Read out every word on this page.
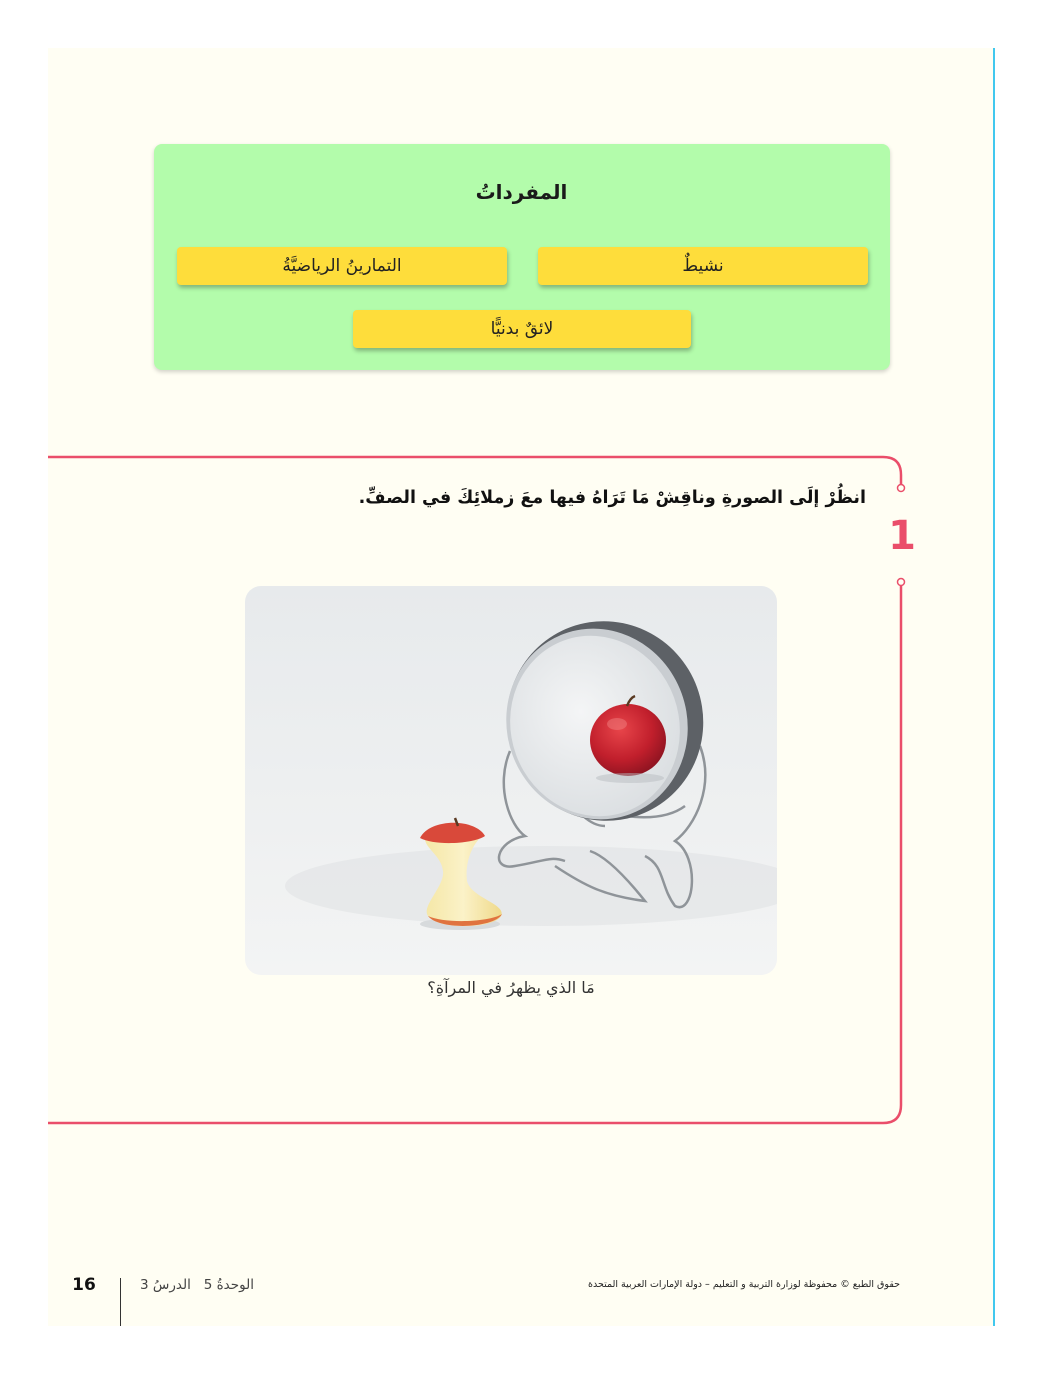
المفرداتُ
نشيطٌ
التمارينُ الرياضيَّةُ
لائقٌ بدنيًّا
انظُرْ إلَى الصورةِ وناقِشْ مَا تَرَاهُ فيها معَ زملائِكَ في الصفِّ.
1
مَا الذي يظهرُ في المرآةِ؟
16	الوحدةُ 5   الدرسُ 3	حقوق الطبع © محفوظة لوزارة التربية و التعليم – دولة الإمارات العربية المتحدة
